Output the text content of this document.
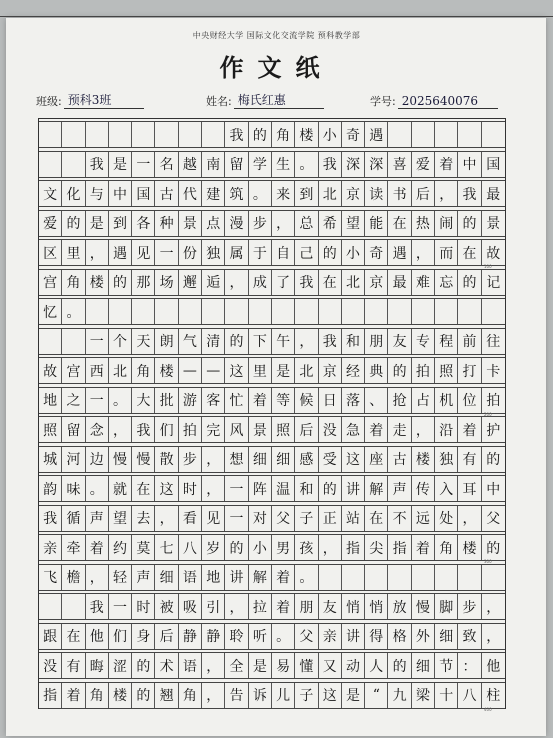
中央财经大学 国际文化交流学院 预科教学部
作文纸
班级: 预科3班	姓名: 梅氏红惠	学号: 2025640076
我 的 角 楼 小 奇 遇
我 是 一 名 越 南 留 学 生 。 我 深 深 喜 爱 着 中 国
文 化 与 中 国 古 代 建 筑 。 来 到 北 京 读 书 后 ， 我 最
爱 的 是 到 各 种 景 点 漫 步 ， 总 希 望 能 在 热 闹 的 景
区 里 ， 遇 见 一 份 独 属 于 自 己 的 小 奇 遇 ， 而 在 故
宫 角 楼 的 那 场 邂 逅 ， 成 了 我 在 北 京 最 难 忘 的 记
忆 。
一 个 天 朗 气 清 的 下 午 ， 我 和 朋 友 专 程 前 往
故 宫 西 北 角 楼 — — 这 里 是 北 京 经 典 的 拍 照 打 卡
地 之 一 。 大 批 游 客 忙 着 等 候 日 落 、 抢 占 机 位 拍
照 留 念 ， 我 们 拍 完 风 景 照 后 没 急 着 走 ， 沿 着 护
城 河 边 慢 慢 散 步 ， 想 细 细 感 受 这 座 古 楼 独 有 的
韵 味 。 就 在 这 时 ， 一 阵 温 和 的 讲 解 声 传 入 耳 中
我 循 声 望 去 ， 看 见 一 对 父 子 正 站 在 不 远 处 ， 父
亲 牵 着 约 莫 七 八 岁 的 小 男 孩 ， 指 尖 指 着 角 楼 的
飞 檐 ， 轻 声 细 语 地 讲 解 着 。
我 一 时 被 吸 引 ， 拉 着 朋 友 悄 悄 放 慢 脚 步 ，
跟 在 他 们 身 后 静 静 聆 听 。 父 亲 讲 得 格 外 细 致 ，
没 有 晦 涩 的 术 语 ， 全 是 易 懂 又 动 人 的 细 节 ： 他
指 着 角 楼 的 翘 角 ， 告 诉 儿 子 这 是 “ 九 梁 十 八 柱
100
200
300
400
